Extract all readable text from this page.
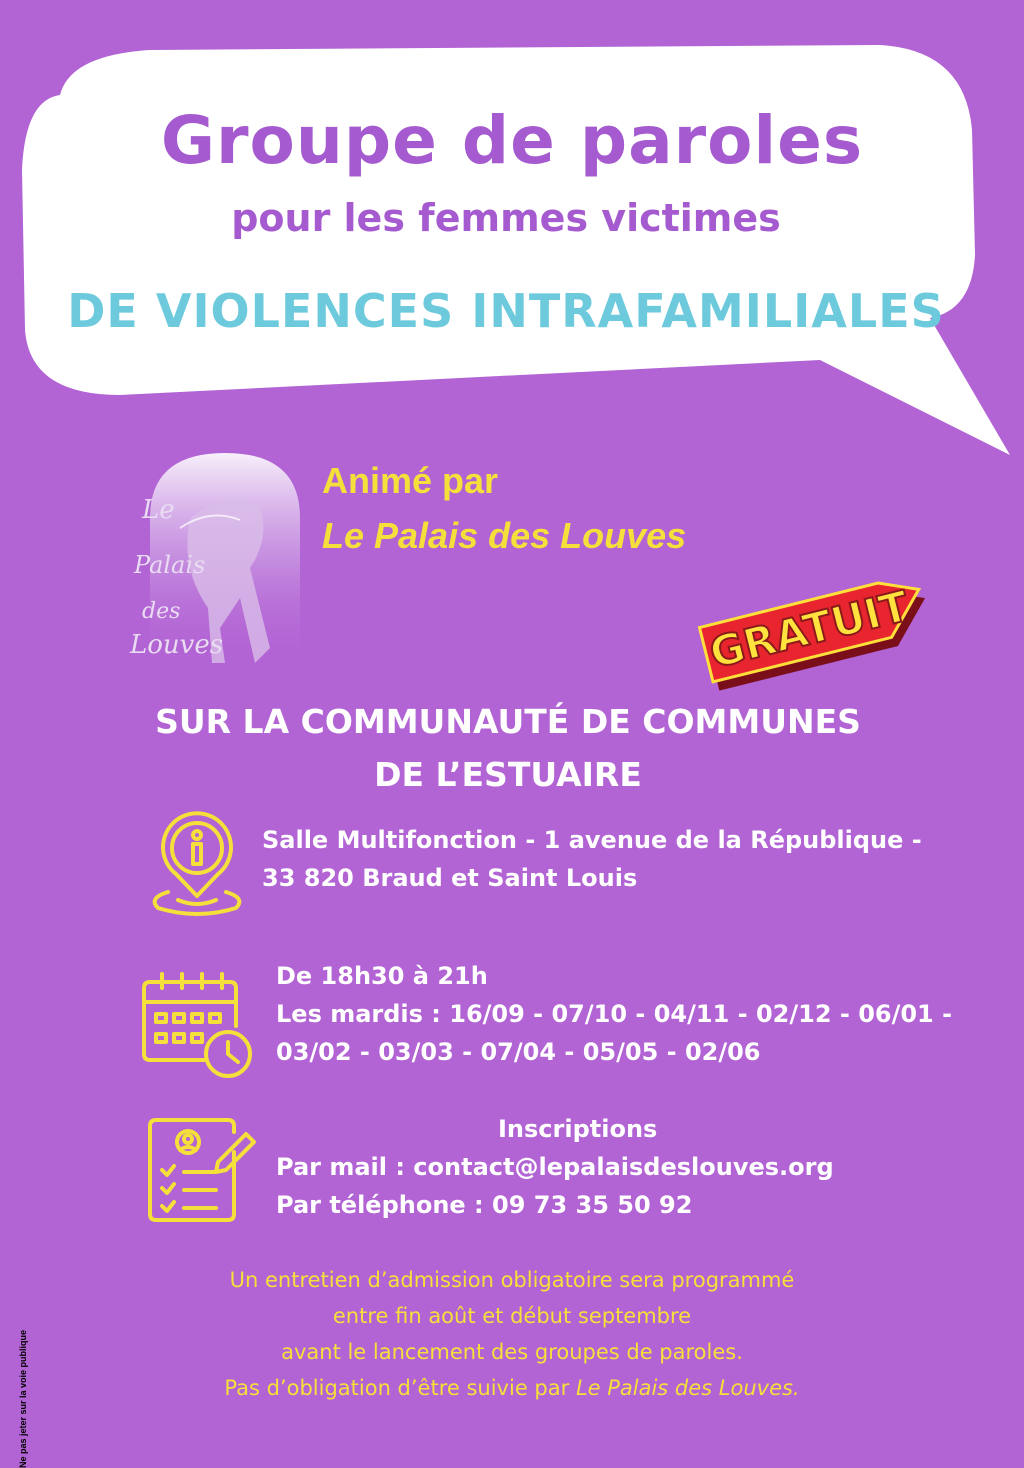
Groupe de paroles
pour les femmes victimes
DE VIOLENCES INTRAFAMILIALES
Le
Palais
des
Louves
Animé par
Le Palais des Louves
GRATUIT
SUR LA COMMUNAUTÉ DE COMMUNES
DE L’ESTUAIRE
Salle Multifonction - 1 avenue de la République -
33 820 Braud et Saint Louis
De 18h30 à 21h
Les mardis : 16/09 - 07/10 - 04/11 - 02/12 - 06/01 -
03/02 - 03/03 - 07/04 - 05/05 - 02/06
Inscriptions
Par mail : contact@lepalaisdeslouves.org
Par téléphone : 09 73 35 50 92
Un entretien d’admission obligatoire sera programmé
entre fin août et début septembre
avant le lancement des groupes de paroles.
Pas d’obligation d’être suivie par Le Palais des Louves.
Ne pas jeter sur la voie publique
